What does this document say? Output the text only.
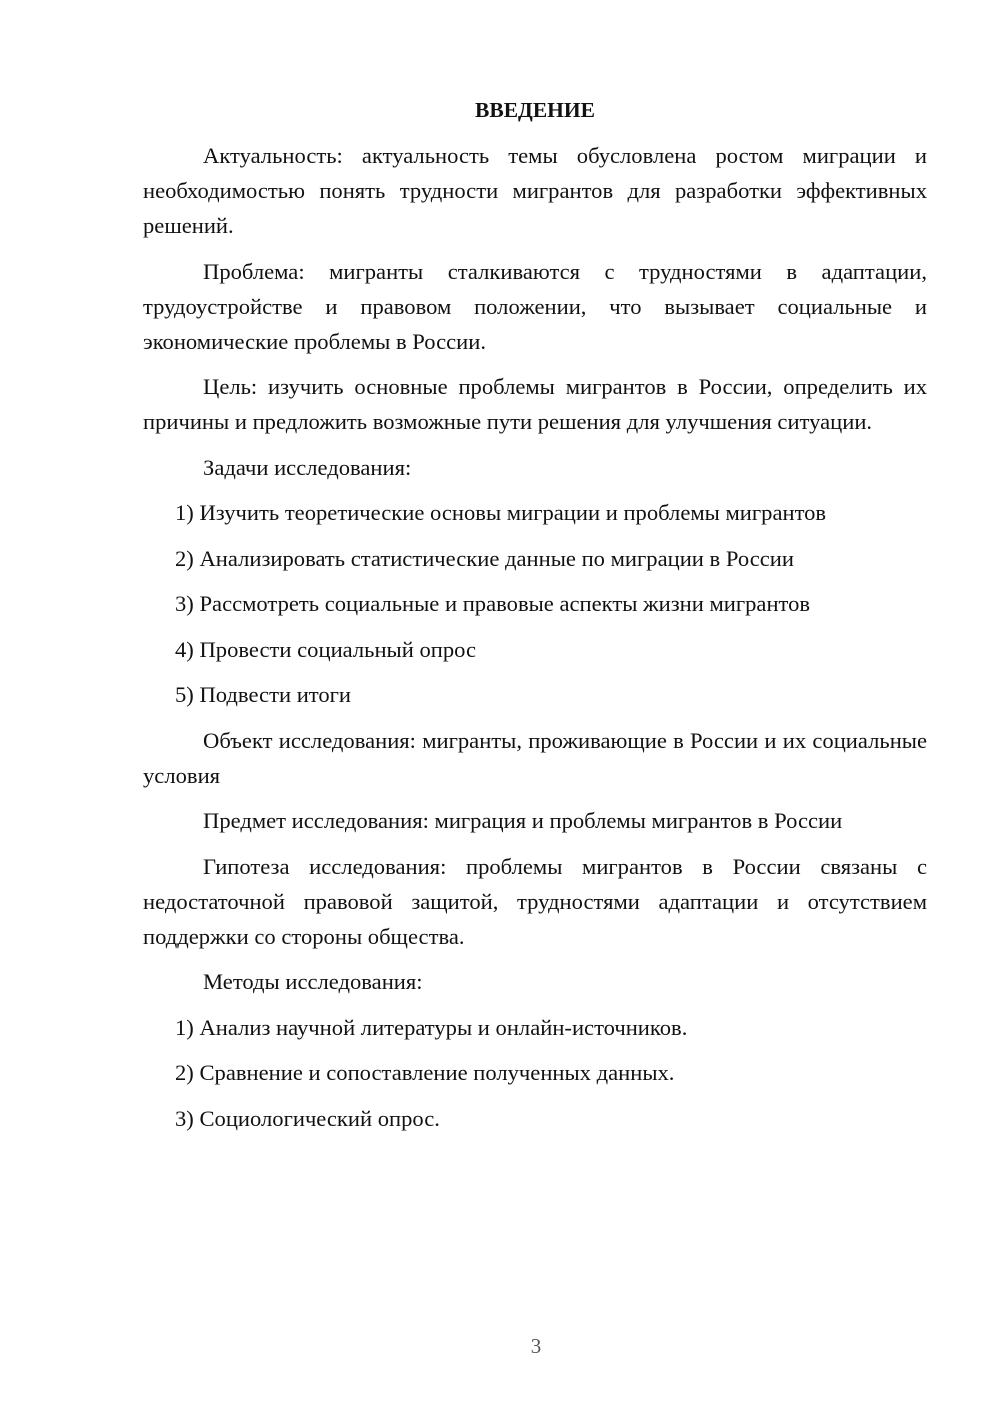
ВВЕДЕНИЕ

Актуальность: актуальность темы обусловлена ростом миграции и необходимостью понять трудности мигрантов для разработки эффективных решений.

Проблема: мигранты сталкиваются с трудностями в адаптации, трудоустройстве и правовом положении, что вызывает социальные и экономические проблемы в России.

Цель: изучить основные проблемы мигрантов в России, определить их причины и предложить возможные пути решения для улучшения ситуации.

Задачи исследования:

1) Изучить теоретические основы миграции и проблемы мигрантов
2) Анализировать статистические данные по миграции в России
3) Рассмотреть социальные и правовые аспекты жизни мигрантов
4) Провести социальный опрос
5) Подвести итоги

Объект исследования: мигранты, проживающие в России и их социальные условия

Предмет исследования: миграция и проблемы мигрантов в России

Гипотеза исследования: проблемы мигрантов в России связаны с недостаточной правовой защитой, трудностями адаптации и отсутствием поддержки со стороны общества.

Методы исследования:

1) Анализ научной литературы и онлайн-источников.
2) Сравнение и сопоставление полученных данных.
3) Социологический опрос.
3
